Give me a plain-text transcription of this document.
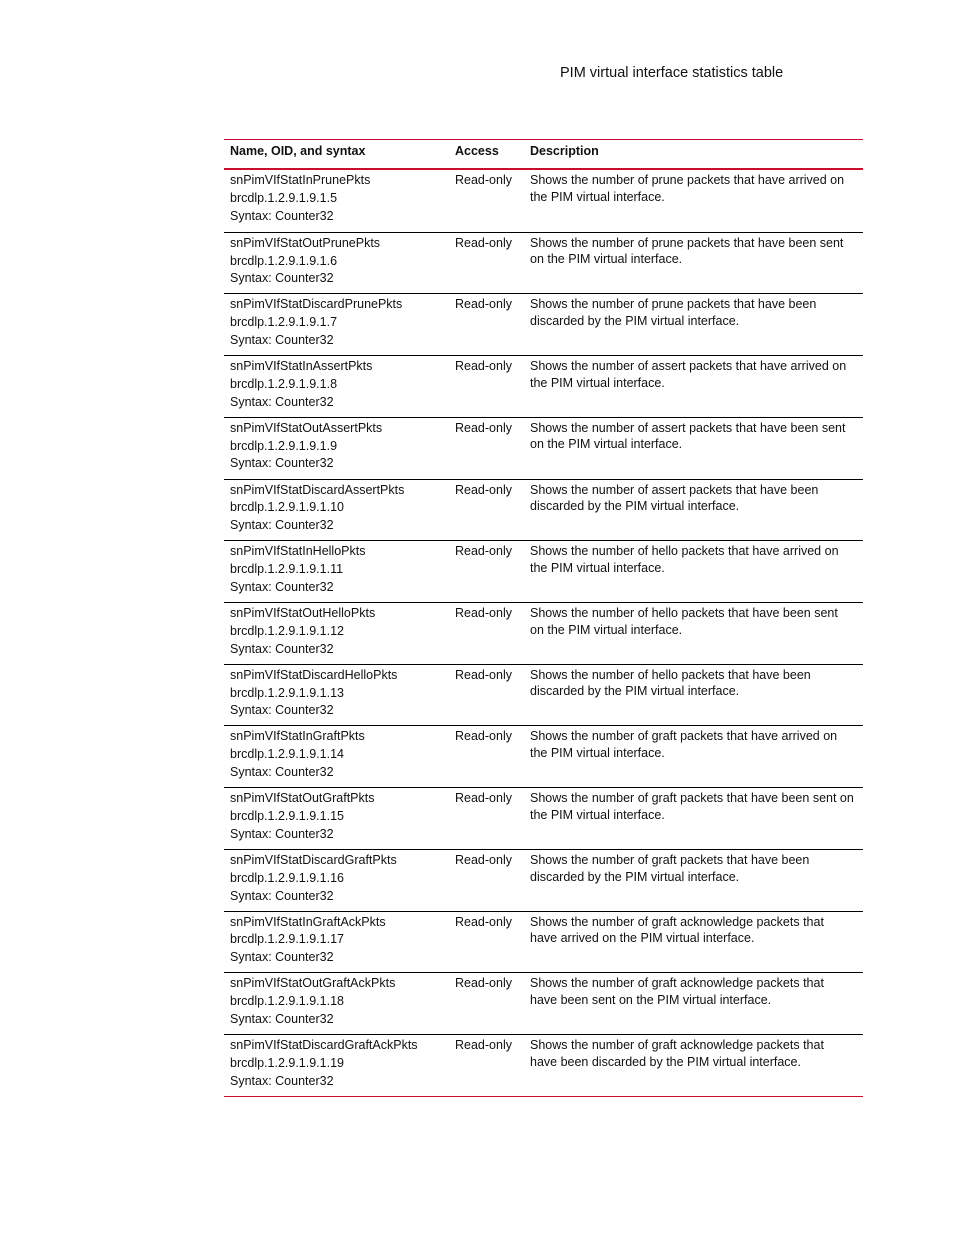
PIM virtual interface statistics table
Name, OID, and syntax	Access	Description
snPimVIfStatInPrunePkts
brcdlp.1.2.9.1.9.1.5
Syntax: Counter32
Read-only	Shows the number of prune packets that have arrived on
the PIM virtual interface.
snPimVIfStatOutPrunePkts
brcdlp.1.2.9.1.9.1.6
Syntax: Counter32
Read-only	Shows the number of prune packets that have been sent
on the PIM virtual interface.
snPimVIfStatDiscardPrunePkts
brcdlp.1.2.9.1.9.1.7
Syntax: Counter32
Read-only	Shows the number of prune packets that have been
discarded by the PIM virtual interface.
snPimVIfStatInAssertPkts
brcdlp.1.2.9.1.9.1.8
Syntax: Counter32
Read-only	Shows the number of assert packets that have arrived on
the PIM virtual interface.
snPimVIfStatOutAssertPkts
brcdlp.1.2.9.1.9.1.9
Syntax: Counter32
Read-only	Shows the number of assert packets that have been sent
on the PIM virtual interface.
snPimVIfStatDiscardAssertPkts
brcdlp.1.2.9.1.9.1.10
Syntax: Counter32
Read-only	Shows the number of assert packets that have been
discarded by the PIM virtual interface.
snPimVIfStatInHelloPkts
brcdlp.1.2.9.1.9.1.11
Syntax: Counter32
Read-only	Shows the number of hello packets that have arrived on
the PIM virtual interface.
snPimVIfStatOutHelloPkts
brcdlp.1.2.9.1.9.1.12
Syntax: Counter32
Read-only	Shows the number of hello packets that have been sent
on the PIM virtual interface.
snPimVIfStatDiscardHelloPkts
brcdlp.1.2.9.1.9.1.13
Syntax: Counter32
Read-only	Shows the number of hello packets that have been
discarded by the PIM virtual interface.
snPimVIfStatInGraftPkts
brcdlp.1.2.9.1.9.1.14
Syntax: Counter32
Read-only	Shows the number of graft packets that have arrived on
the PIM virtual interface.
snPimVIfStatOutGraftPkts
brcdlp.1.2.9.1.9.1.15
Syntax: Counter32
Read-only	Shows the number of graft packets that have been sent on
the PIM virtual interface.
snPimVIfStatDiscardGraftPkts
brcdlp.1.2.9.1.9.1.16
Syntax: Counter32
Read-only	Shows the number of graft packets that have been
discarded by the PIM virtual interface.
snPimVIfStatInGraftAckPkts
brcdlp.1.2.9.1.9.1.17
Syntax: Counter32
Read-only	Shows the number of graft acknowledge packets that
have arrived on the PIM virtual interface.
snPimVIfStatOutGraftAckPkts
brcdlp.1.2.9.1.9.1.18
Syntax: Counter32
Read-only	Shows the number of graft acknowledge packets that
have been sent on the PIM virtual interface.
snPimVIfStatDiscardGraftAckPkts
brcdlp.1.2.9.1.9.1.19
Syntax: Counter32
Read-only	Shows the number of graft acknowledge packets that
have been discarded by the PIM virtual interface.
